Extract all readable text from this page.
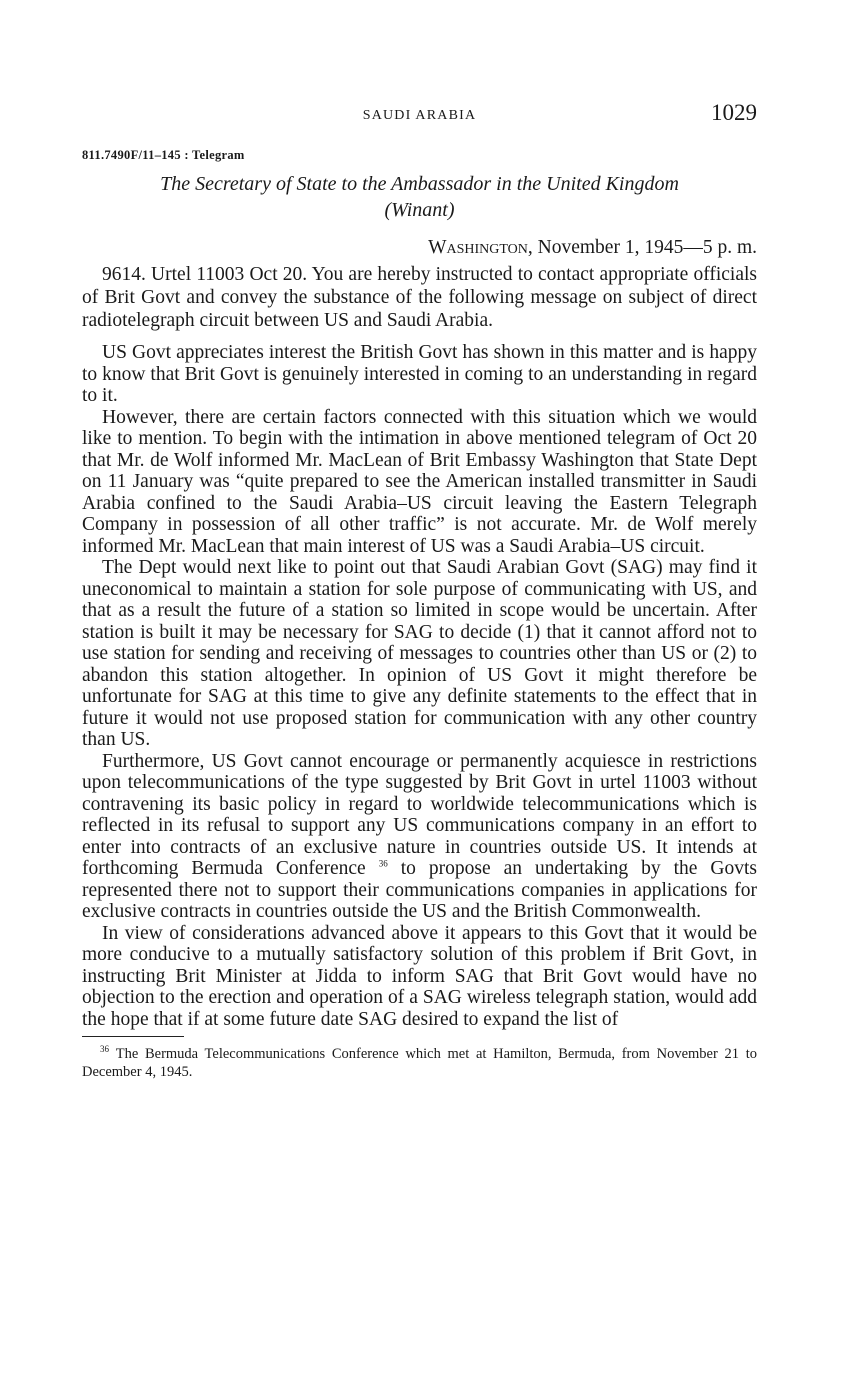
SAUDI ARABIA	1029
811.7490F/11–145 : Telegram
The Secretary of State to the Ambassador in the United Kingdom
(Winant)
Washington, November 1, 1945—5 p. m.

9614. Urtel 11003 Oct 20. You are hereby instructed to contact appropriate officials of Brit Govt and convey the substance of the following message on subject of direct radiotelegraph circuit between US and Saudi Arabia.

US Govt appreciates interest the British Govt has shown in this matter and is happy to know that Brit Govt is genuinely interested in coming to an understanding in regard to it.

However, there are certain factors connected with this situation which we would like to mention. To begin with the intimation in above mentioned telegram of Oct 20 that Mr. de Wolf informed Mr. MacLean of Brit Embassy Washington that State Dept on 11 January was “quite prepared to see the American installed transmitter in Saudi Arabia confined to the Saudi Arabia–US circuit leaving the Eastern Telegraph Company in possession of all other traffic” is not accurate. Mr. de Wolf merely informed Mr. MacLean that main interest of US was a Saudi Arabia–US circuit.

The Dept would next like to point out that Saudi Arabian Govt (SAG) may find it uneconomical to maintain a station for sole purpose of communicating with US, and that as a result the future of a station so limited in scope would be uncertain. After station is built it may be necessary for SAG to decide (1) that it cannot afford not to use station for sending and receiving of messages to countries other than US or (2) to abandon this station altogether. In opinion of US Govt it might therefore be unfortunate for SAG at this time to give any definite statements to the effect that in future it would not use proposed station for communication with any other country than US.

Furthermore, US Govt cannot encourage or permanently acquiesce in restrictions upon telecommunications of the type suggested by Brit Govt in urtel 11003 without contravening its basic policy in regard to worldwide telecommunications which is reflected in its refusal to support any US communications company in an effort to enter into contracts of an exclusive nature in countries outside US. It intends at forthcoming Bermuda Conference $^{36}$ to propose an undertaking by the Govts represented there not to support their communications companies in applications for exclusive contracts in countries outside the US and the British Commonwealth.

In view of considerations advanced above it appears to this Govt that it would be more conducive to a mutually satisfactory solution of this problem if Brit Govt, in instructing Brit Minister at Jidda to inform SAG that Brit Govt would have no objection to the erection and operation of a SAG wireless telegraph station, would add the hope that if at some future date SAG desired to expand the list of

$^{36}$ The Bermuda Telecommunications Conference which met at Hamilton, Bermuda, from November 21 to December 4, 1945.
